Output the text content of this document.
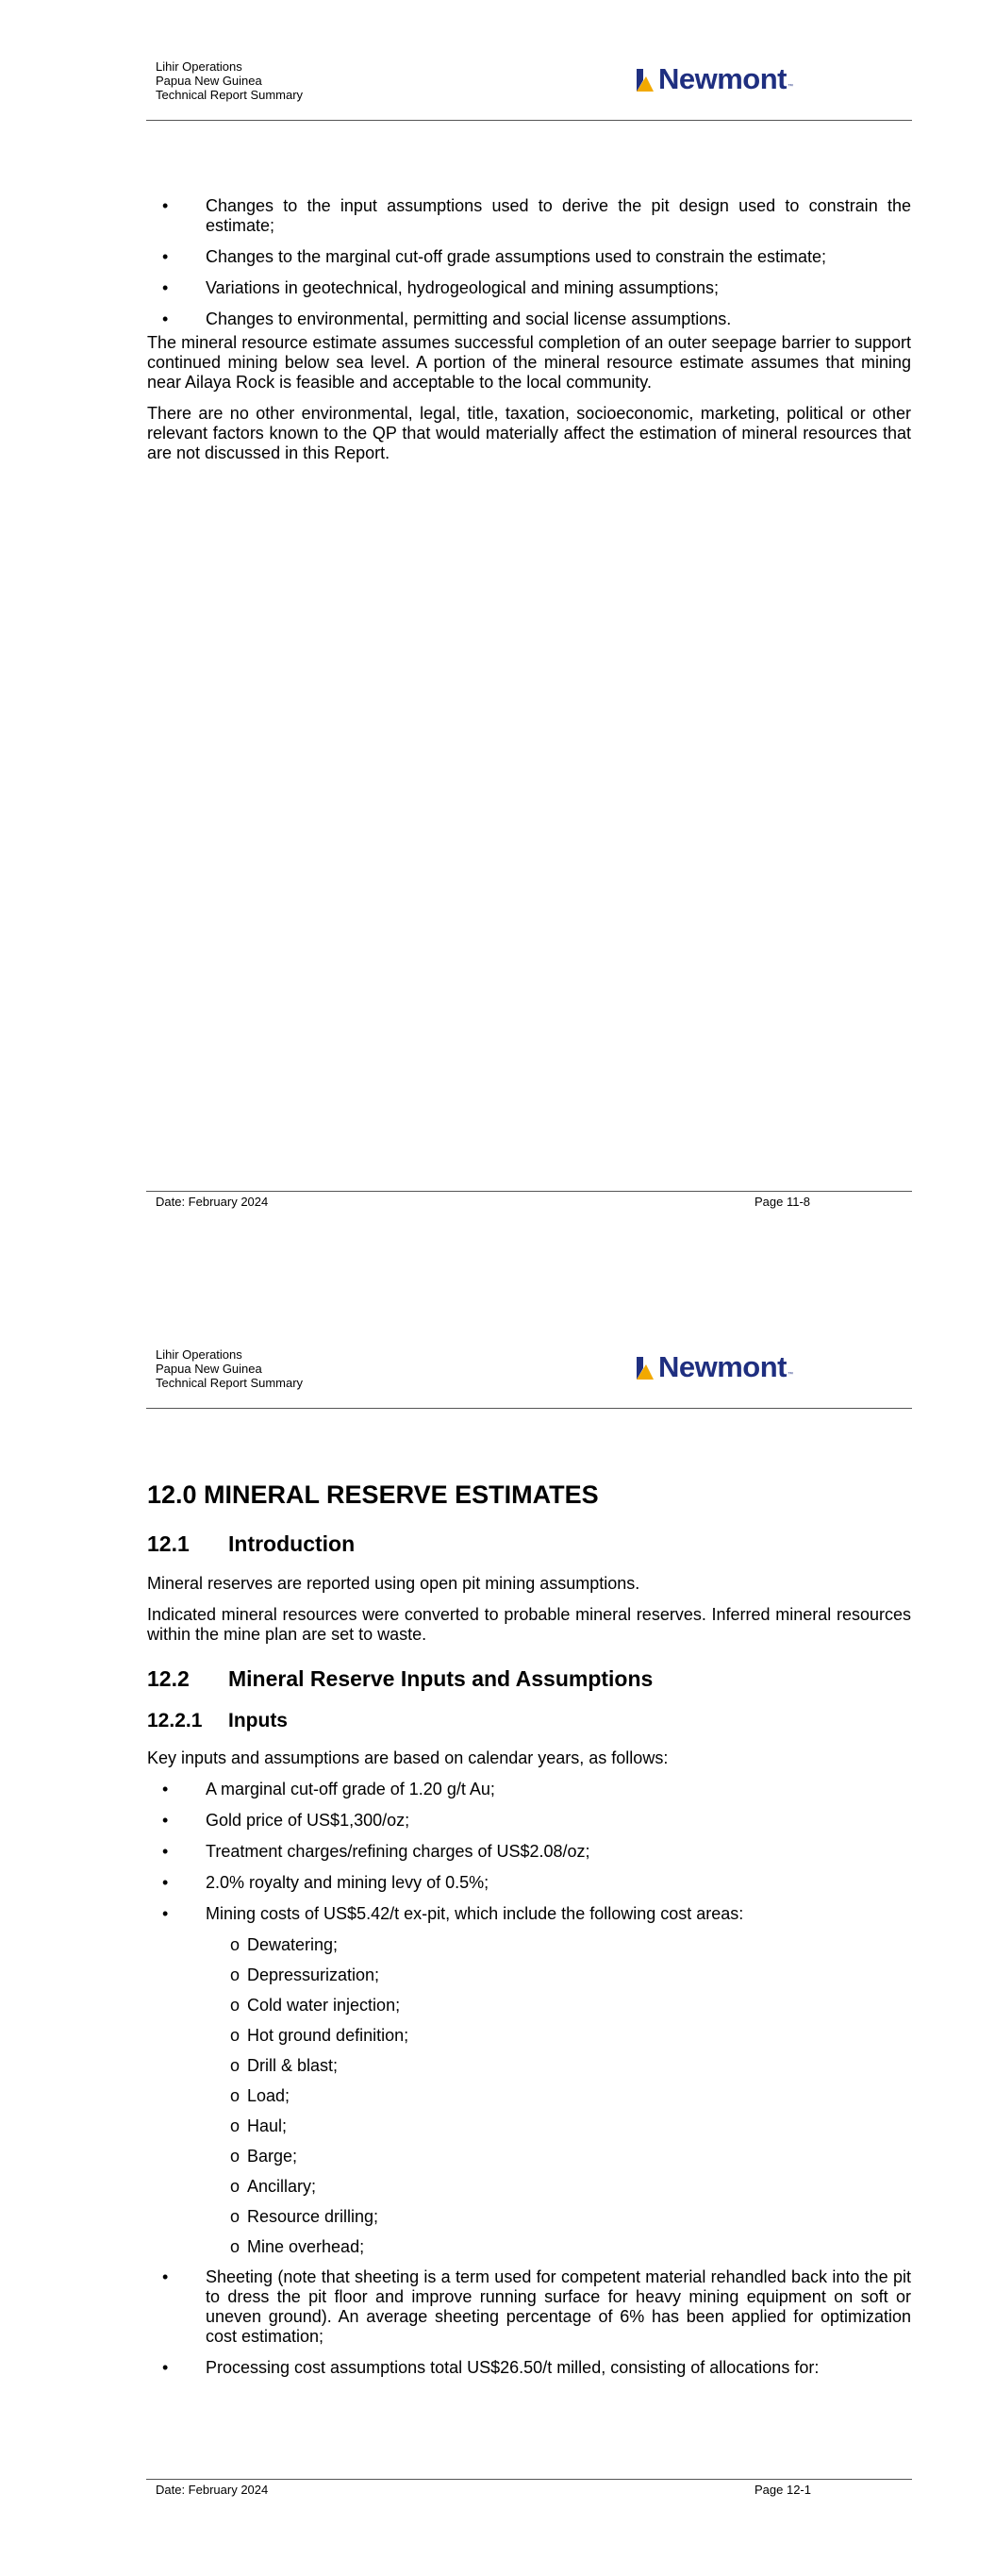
Lihir Operations
Papua New Guinea
Technical Report Summary	Newmont ™
• Changes to the input assumptions used to derive the pit design used to constrain the estimate;
• Changes to the marginal cut-off grade assumptions used to constrain the estimate;
• Variations in geotechnical, hydrogeological and mining assumptions;
• Changes to environmental, permitting and social license assumptions.

The mineral resource estimate assumes successful completion of an outer seepage barrier to support continued mining below sea level. A portion of the mineral resource estimate assumes that mining near Ailaya Rock is feasible and acceptable to the local community.

There are no other environmental, legal, title, taxation, socioeconomic, marketing, political or other relevant factors known to the QP that would materially affect the estimation of mineral resources that are not discussed in this Report.

Date: February 2024	Page 11-8
Lihir Operations
Papua New Guinea
Technical Report Summary	Newmont ™
12.0 MINERAL RESERVE ESTIMATES
12.1	Introduction

Mineral reserves are reported using open pit mining assumptions.

Indicated mineral resources were converted to probable mineral reserves. Inferred mineral resources within the mine plan are set to waste.

12.2	Mineral Reserve Inputs and Assumptions
12.2.1	Inputs

Key inputs and assumptions are based on calendar years, as follows:

• A marginal cut-off grade of 1.20 g/t Au;
• Gold price of US$1,300/oz;
• Treatment charges/refining charges of US$2.08/oz;
• 2.0% royalty and mining levy of 0.5%;
• Mining costs of US$5.42/t ex-pit, which include the following cost areas:
o Dewatering;
o Depressurization;
o Cold water injection;
o Hot ground definition;
o Drill & blast;
o Load;
o Haul;
o Barge;
o Ancillary;
o Resource drilling;
o Mine overhead;
• Sheeting (note that sheeting is a term used for competent material rehandled back into the pit to dress the pit floor and improve running surface for heavy mining equipment on soft or uneven ground). An average sheeting percentage of 6% has been applied for optimization cost estimation;
• Processing cost assumptions total US$26.50/t milled, consisting of allocations for:
Date: February 2024	Page 12-1
